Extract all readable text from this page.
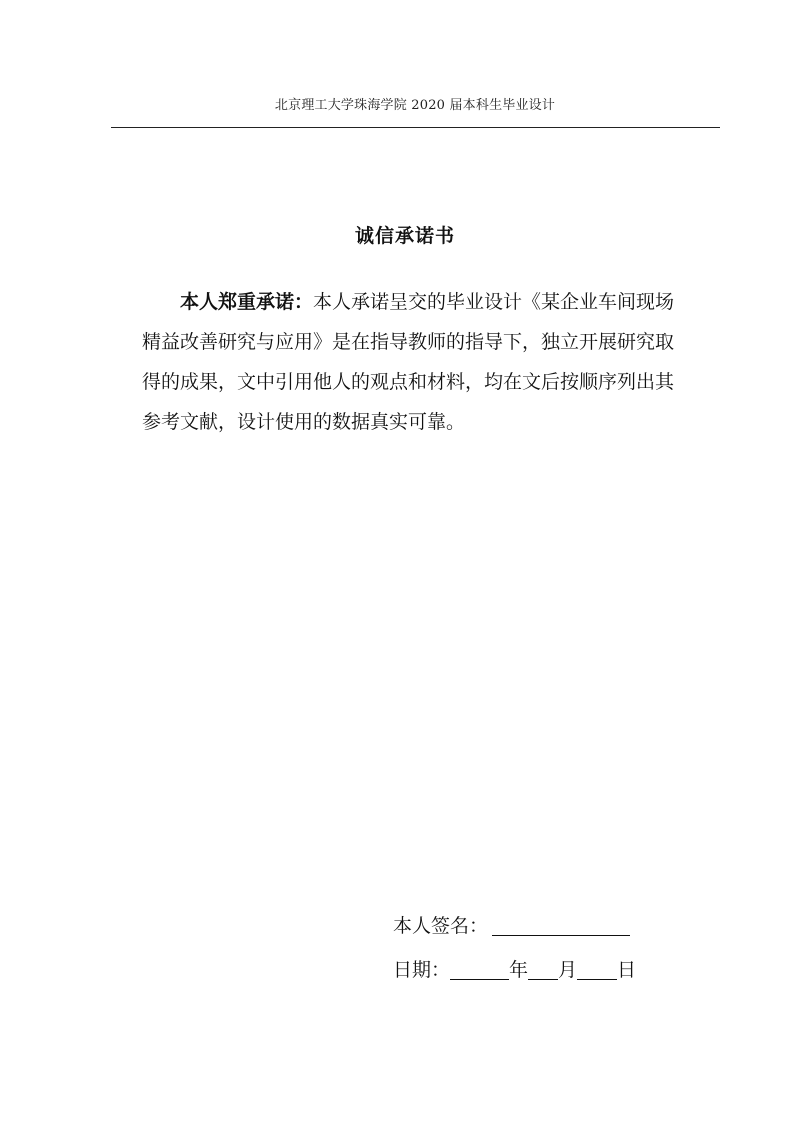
北京理工大学珠海学院 2020 届本科生毕业设计
诚信承诺书

本人郑重承诺：本人承诺呈交的毕业设计《某企业车间现场精益改善研究与应用》是在指导教师的指导下，独立开展研究取得的成果，文中引用他人的观点和材料，均在文后按顺序列出其参考文献，设计使用的数据真实可靠。

本人签名：
日期：	年 月 日
